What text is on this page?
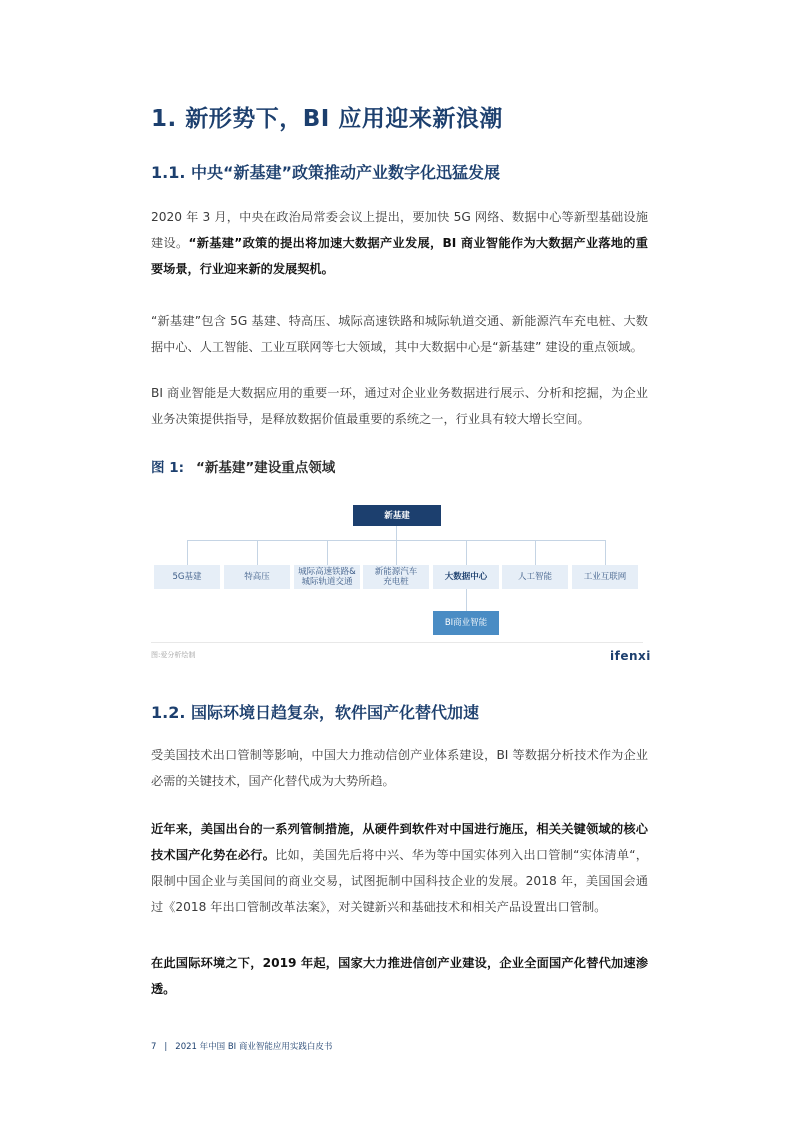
1. 新形势下，BI 应用迎来新浪潮
1.1. 中央“新基建”政策推动产业数字化迅猛发展
2020 年 3 月，中央在政治局常委会议上提出，要加快 5G 网络、数据中心等新型基础设施建设。“新基建”政策的提出将加速大数据产业发展，BI 商业智能作为大数据产业落地的重要场景，行业迎来新的发展契机。
“新基建”包含 5G 基建、特高压、城际高速铁路和城际轨道交通、新能源汽车充电桩、大数据中心、人工智能、工业互联网等七大领域，其中大数据中心是“新基建” 建设的重点领域。
BI 商业智能是大数据应用的重要一环，通过对企业业务数据进行展示、分析和挖掘，为企业业务决策提供指导，是释放数据价值最重要的系统之一，行业具有较大增长空间。
图 1: “新基建”建设重点领域
新基建
5G基建	特高压	城际高速铁路&城际轨道交通
新能源汽车充电桩	大数据中心	人工智能	工业互联网
BI商业智能
图:爱分析绘制	ifenxi
1.2. 国际环境日趋复杂，软件国产化替代加速
受美国技术出口管制等影响，中国大力推动信创产业体系建设，BI 等数据分析技术作为企业必需的关键技术，国产化替代成为大势所趋。
近年来，美国出台的一系列管制措施，从硬件到软件对中国进行施压，相关关键领域的核心技术国产化势在必行。比如，美国先后将中兴、华为等中国实体列入出口管制“实体清单“，限制中国企业与美国间的商业交易，试图扼制中国科技企业的发展。2018 年，美国国会通过《2018 年出口管制改革法案》，对关键新兴和基础技术和相关产品设置出口管制。
在此国际环境之下，2019 年起，国家大力推进信创产业建设，企业全面国产化替代加速渗透。
7 | 2021 年中国 BI 商业智能应用实践白皮书
